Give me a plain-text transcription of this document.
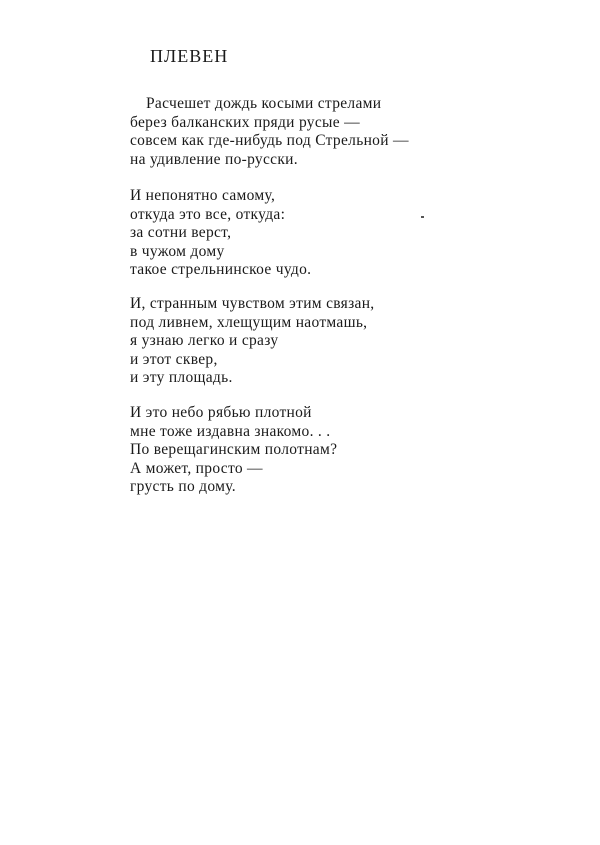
ПЛЕВЕН
Расчешет дождь косыми стрелами
берез балканских пряди русые —
совсем как где-нибудь под Стрельной —
на удивление по-русски.
И непонятно самому,
откуда это все, откуда:
за сотни верст,
в чужом дому
такое стрельнинское чудо.
И, странным чувством этим связан,
под ливнем, хлещущим наотмашь,
я узнаю легко и сразу
и этот сквер,
и эту площадь.
И это небо рябью плотной
мне тоже издавна знакомо. . .
По верещагинским полотнам?
А может, просто —
грусть по дому.
